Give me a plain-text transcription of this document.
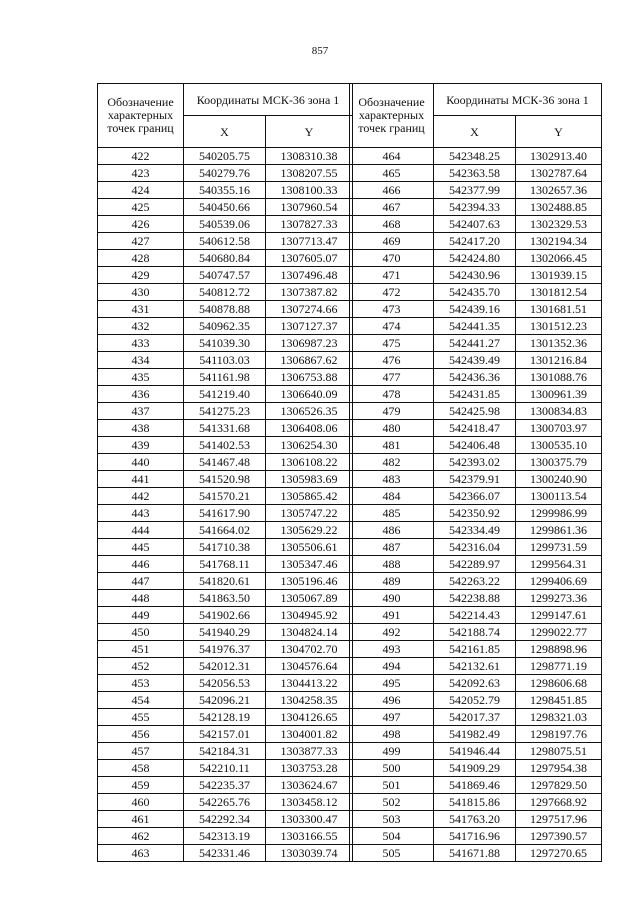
857
Обозначение характерных точек границ	Координаты МСК-36 зона 1	
	X	Y
422	540205.75	1308310.38
423	540279.76	1308207.55
424	540355.16	1308100.33
425	540450.66	1307960.54
426	540539.06	1307827.33
427	540612.58	1307713.47
428	540680.84	1307605.07
429	540747.57	1307496.48
430	540812.72	1307387.82
431	540878.88	1307274.66
432	540962.35	1307127.37
433	541039.30	1306987.23
434	541103.03	1306867.62
435	541161.98	1306753.88
436	541219.40	1306640.09
437	541275.23	1306526.35
438	541331.68	1306408.06
439	541402.53	1306254.30
440	541467.48	1306108.22
441	541520.98	1305983.69
442	541570.21	1305865.42
443	541617.90	1305747.22
444	541664.02	1305629.22
445	541710.38	1305506.61
446	541768.11	1305347.46
447	541820.61	1305196.46
448	541863.50	1305067.89
449	541902.66	1304945.92
450	541940.29	1304824.14
451	541976.37	1304702.70
452	542012.31	1304576.64
453	542056.53	1304413.22
454	542096.21	1304258.35
455	542128.19	1304126.65
456	542157.01	1304001.82
457	542184.31	1303877.33
458	542210.11	1303753.28
459	542235.37	1303624.67
460	542265.76	1303458.12
461	542292.34	1303300.47
462	542313.19	1303166.55
463	542331.46	1303039.74
Обозначение характерных точек границ	Координаты МСК-36 зона 1	
	X	Y
464	542348.25	1302913.40
465	542363.58	1302787.64
466	542377.99	1302657.36
467	542394.33	1302488.85
468	542407.63	1302329.53
469	542417.20	1302194.34
470	542424.80	1302066.45
471	542430.96	1301939.15
472	542435.70	1301812.54
473	542439.16	1301681.51
474	542441.35	1301512.23
475	542441.27	1301352.36
476	542439.49	1301216.84
477	542436.36	1301088.76
478	542431.85	1300961.39
479	542425.98	1300834.83
480	542418.47	1300703.97
481	542406.48	1300535.10
482	542393.02	1300375.79
483	542379.91	1300240.90
484	542366.07	1300113.54
485	542350.92	1299986.99
486	542334.49	1299861.36
487	542316.04	1299731.59
488	542289.97	1299564.31
489	542263.22	1299406.69
490	542238.88	1299273.36
491	542214.43	1299147.61
492	542188.74	1299022.77
493	542161.85	1298898.96
494	542132.61	1298771.19
495	542092.63	1298606.68
496	542052.79	1298451.85
497	542017.37	1298321.03
498	541982.49	1298197.76
499	541946.44	1298075.51
500	541909.29	1297954.38
501	541869.46	1297829.50
502	541815.86	1297668.92
503	541763.20	1297517.96
504	541716.96	1297390.57
505	541671.88	1297270.65
